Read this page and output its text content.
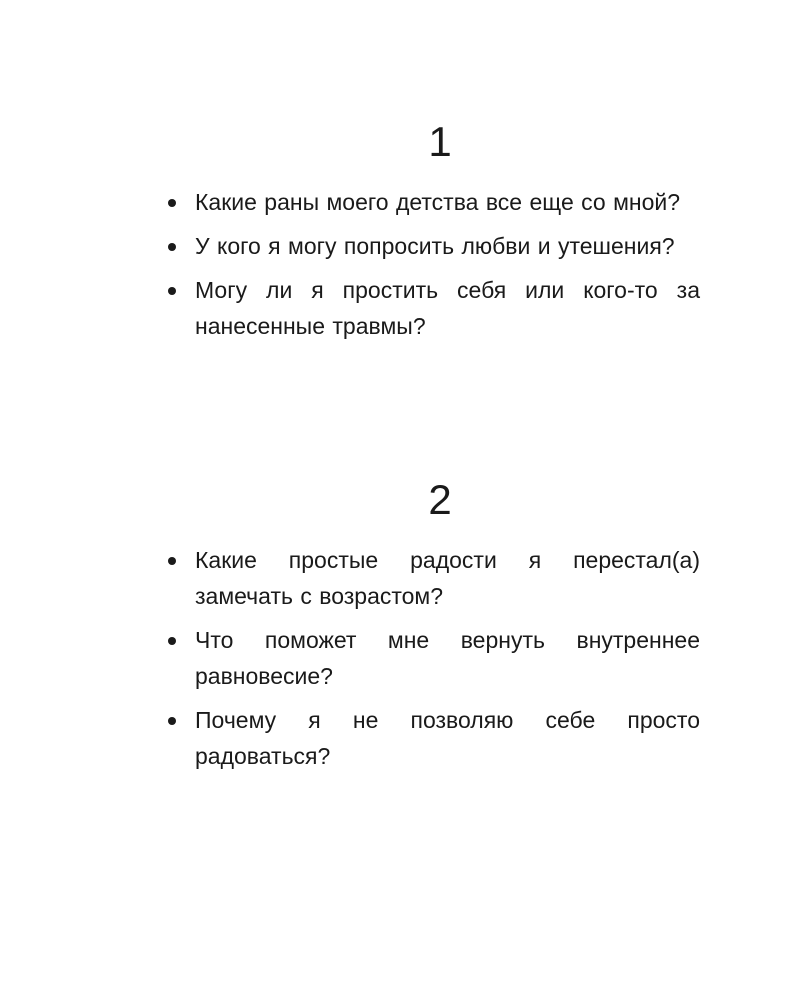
1
Какие раны моего детства все еще со мной?
У кого я могу попросить любви и утешения?
Могу ли я простить себя или кого-то за нанесенные травмы?
2
Какие простые радости я перестал(а) замечать с возрастом?
Что поможет мне вернуть внутреннее равновесие?
Почему я не позволяю себе просто радоваться?
